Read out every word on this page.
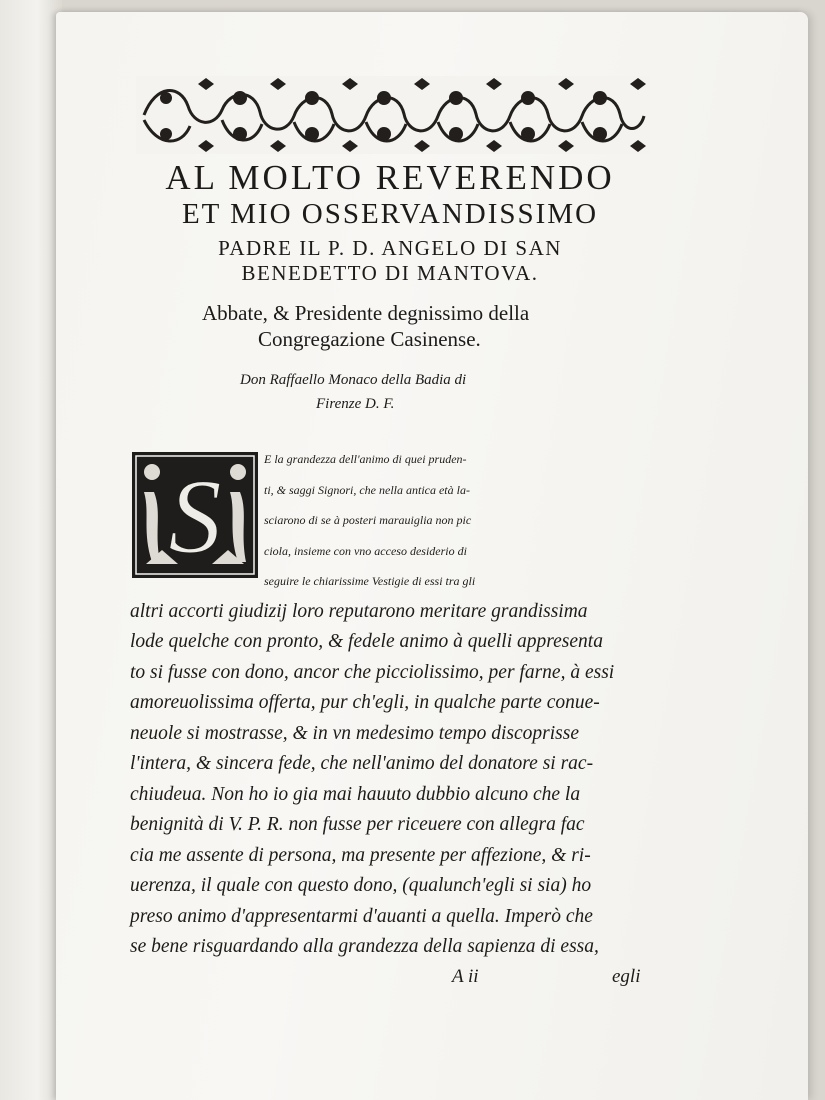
AL MOLTO REVERENDO
ET MIO OSSERVANDISSIMO
PADRE IL P. D. ANGELO DI SAN
BENEDETTO DI MANTOVA.

Abbate, & Presidente degnissimo della

Congregazione Casinense.

Don Raffaello Monaco della Badia di

Firenze D. F.

S	E la grandezza dell'animo di quei pruden-
ti, & saggi Signori, che nella antica età la-
sciarono di se à posteri marauiglia non pic
ciola, insieme con vno acceso desiderio di
seguire le chiarissime Vestigie di essi tra gli
altri accorti giudizij loro reputarono meritare grandissima
lode quelche con pronto, & fedele animo à quelli appresenta
to si fusse con dono, ancor che picciolissimo, per farne, à essi
amoreuolissima offerta, pur ch'egli, in qualche parte conue-
neuole si mostrasse, & in vn medesimo tempo discoprisse
l'intera, & sincera fede, che nell'animo del donatore si rac-
chiudeua. Non ho io gia mai hauuto dubbio alcuno che la
benignità di V. P. R. non fusse per riceuere con allegra fac
cia me assente di persona, ma presente per affezione, & ri-
uerenza, il quale con questo dono, (qualunch'egli si sia) ho
preso animo d'appresentarmi d'auanti a quella. Imperò che
se bene risguardando alla grandezza della sapienza di essa,
A ii	egli
